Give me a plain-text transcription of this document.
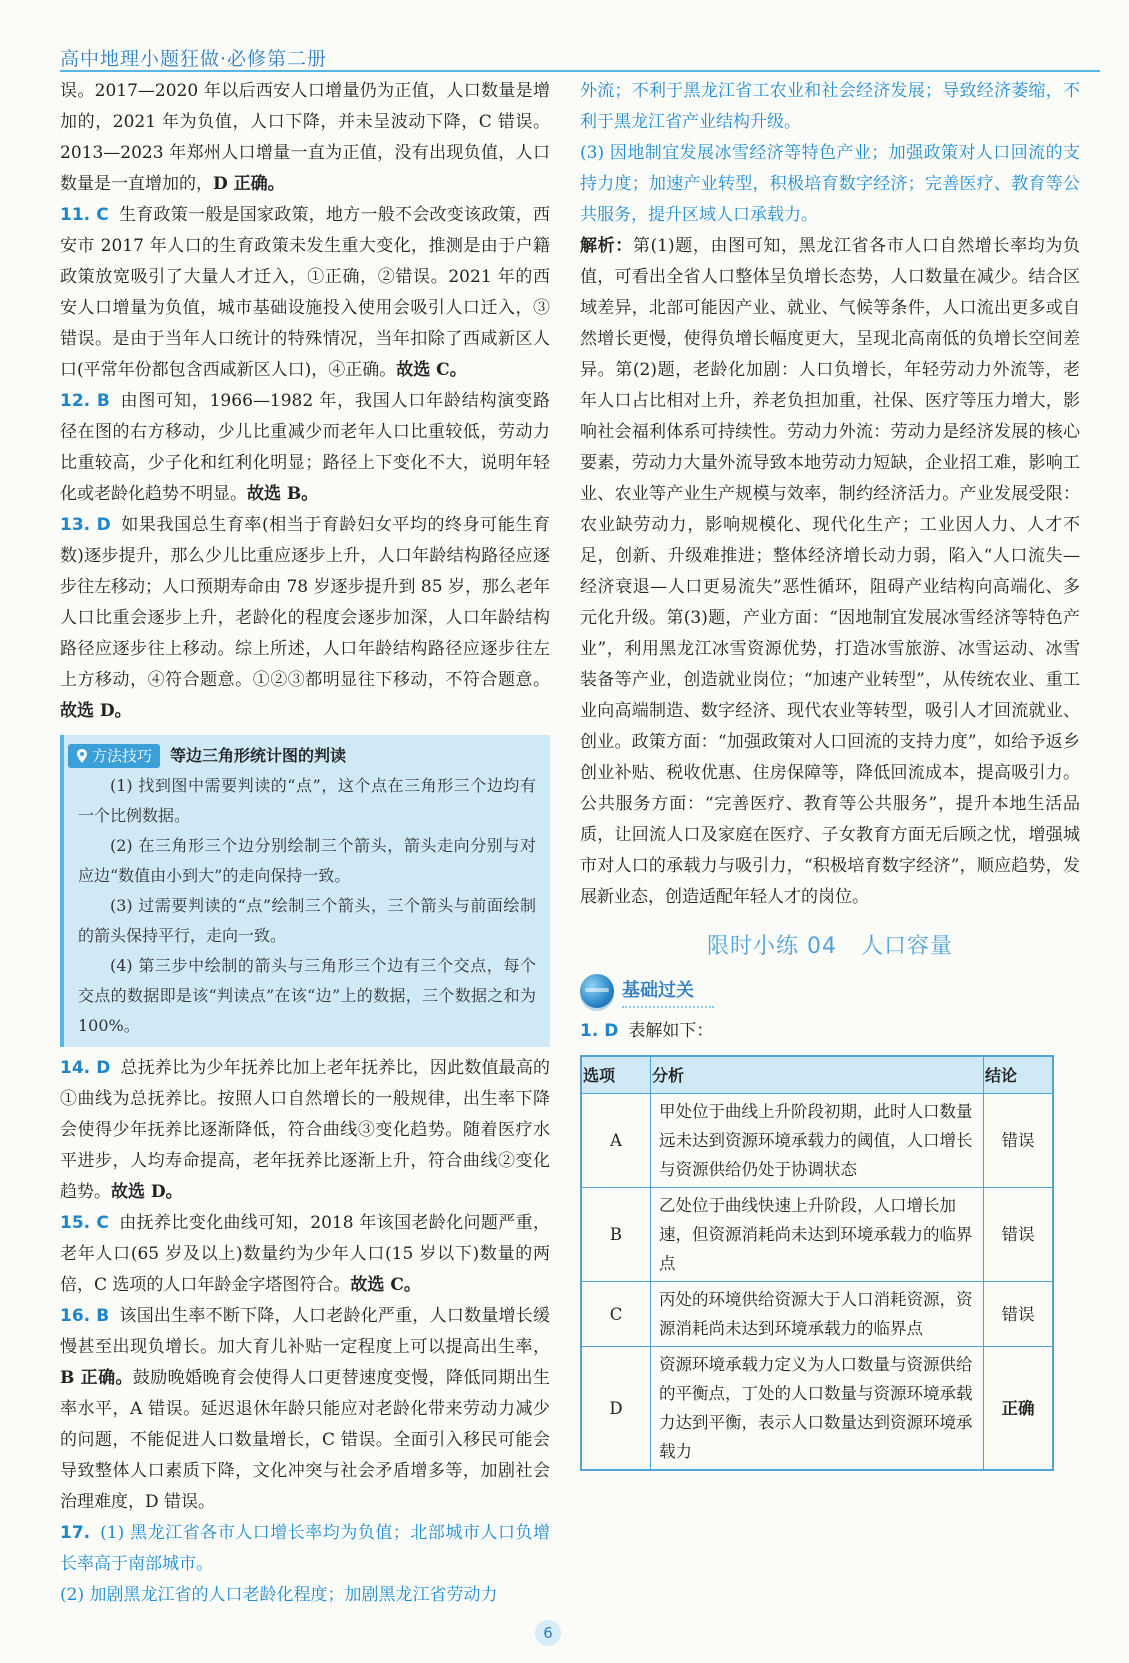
高中地理小题狂做·必修第二册

误。2017—2020 年以后西安人口增量仍为正值，人口数量是增加的，2021 年为负值，人口下降，并未呈波动下降，C 错误。2013—2023 年郑州人口增量一直为正值，没有出现负值，人口数量是一直增加的，D 正确。

11. C 生育政策一般是国家政策，地方一般不会改变该政策，西安市 2017 年人口的生育政策未发生重大变化，推测是由于户籍政策放宽吸引了大量人才迁入，①正确，②错误。2021 年的西安人口增量为负值，城市基础设施投入使用会吸引人口迁入，③错误。是由于当年人口统计的特殊情况，当年扣除了西咸新区人口(平常年份都包含西咸新区人口)，④正确。故选 C。

12. B 由图可知，1966—1982 年，我国人口年龄结构演变路径在图的右方移动，少儿比重减少而老年人口比重较低，劳动力比重较高，少子化和红利化明显；路径上下变化不大，说明年轻化或老龄化趋势不明显。故选 B。

13. D 如果我国总生育率(相当于育龄妇女平均的终身可能生育数)逐步提升，那么少儿比重应逐步上升，人口年龄结构路径应逐步往左移动；人口预期寿命由 78 岁逐步提升到 85 岁，那么老年人口比重会逐步上升，老龄化的程度会逐步加深，人口年龄结构路径应逐步往上移动。综上所述，人口年龄结构路径应逐步往左上方移动，④符合题意。①②③都明显往下移动，不符合题意。故选 D。

方法技巧 等边三角形统计图的判读

(1) 找到图中需要判读的“点”，这个点在三角形三个边均有一个比例数据。

(2) 在三角形三个边分别绘制三个箭头，箭头走向分别与对应边“数值由小到大”的走向保持一致。

(3) 过需要判读的“点”绘制三个箭头，三个箭头与前面绘制的箭头保持平行，走向一致。

(4) 第三步中绘制的箭头与三角形三个边有三个交点，每个交点的数据即是该“判读点”在该“边”上的数据，三个数据之和为 100%。

14. D 总抚养比为少年抚养比加上老年抚养比，因此数值最高的①曲线为总抚养比。按照人口自然增长的一般规律，出生率下降会使得少年抚养比逐渐降低，符合曲线③变化趋势。随着医疗水平进步，人均寿命提高，老年抚养比逐渐上升，符合曲线②变化趋势。故选 D。

15. C 由抚养比变化曲线可知，2018 年该国老龄化问题严重，老年人口(65 岁及以上)数量约为少年人口(15 岁以下)数量的两倍，C 选项的人口年龄金字塔图符合。故选 C。

16. B 该国出生率不断下降，人口老龄化严重，人口数量增长缓慢甚至出现负增长。加大育儿补贴一定程度上可以提高出生率，B 正确。鼓励晚婚晚育会使得人口更替速度变慢，降低同期出生率水平，A 错误。延迟退休年龄只能应对老龄化带来劳动力减少的问题，不能促进人口数量增长，C 错误。全面引入移民可能会导致整体人口素质下降，文化冲突与社会矛盾增多等，加剧社会治理难度，D 错误。

17. (1) 黑龙江省各市人口增长率均为负值；北部城市人口负增长率高于南部城市。

(2) 加剧黑龙江省的人口老龄化程度；加剧黑龙江省劳动力

外流；不利于黑龙江省工农业和社会经济发展；导致经济萎缩，不利于黑龙江省产业结构升级。

(3) 因地制宜发展冰雪经济等特色产业；加强政策对人口回流的支持力度；加速产业转型，积极培育数字经济；完善医疗、教育等公共服务，提升区域人口承载力。

解析：第(1)题，由图可知，黑龙江省各市人口自然增长率均为负值，可看出全省人口整体呈负增长态势，人口数量在减少。结合区域差异，北部可能因产业、就业、气候等条件，人口流出更多或自然增长更慢，使得负增长幅度更大，呈现北高南低的负增长空间差异。第(2)题，老龄化加剧：人口负增长，年轻劳动力外流等，老年人口占比相对上升，养老负担加重，社保、医疗等压力增大，影响社会福利体系可持续性。劳动力外流：劳动力是经济发展的核心要素，劳动力大量外流导致本地劳动力短缺，企业招工难，影响工业、农业等产业生产规模与效率，制约经济活力。产业发展受限：农业缺劳动力，影响规模化、现代化生产；工业因人力、人才不足，创新、升级难推进；整体经济增长动力弱，陷入“人口流失—经济衰退—人口更易流失”恶性循环，阻碍产业结构向高端化、多元化升级。第(3)题，产业方面：“因地制宜发展冰雪经济等特色产业”，利用黑龙江冰雪资源优势，打造冰雪旅游、冰雪运动、冰雪装备等产业，创造就业岗位；“加速产业转型”，从传统农业、重工业向高端制造、数字经济、现代农业等转型，吸引人才回流就业、创业。政策方面：“加强政策对人口回流的支持力度”，如给予返乡创业补贴、税收优惠、住房保障等，降低回流成本，提高吸引力。公共服务方面：“完善医疗、教育等公共服务”，提升本地生活品质，让回流人口及家庭在医疗、子女教育方面无后顾之忧，增强城市对人口的承载力与吸引力，“积极培育数字经济”，顺应趋势，发展新业态，创造适配年轻人才的岗位。

限时小练 04 人口容量
基础过关

1. D 表解如下：

选项	分析	结论
A	甲处位于曲线上升阶段初期，此时人口数量远未达到资源环境承载力的阈值，人口增长与资源供给仍处于协调状态	错误
B	乙处位于曲线快速上升阶段，人口增长加速，但资源消耗尚未达到环境承载力的临界点	错误
C	丙处的环境供给资源大于人口消耗资源，资源消耗尚未达到环境承载力的临界点	错误
D	资源环境承载力定义为人口数量与资源供给的平衡点，丁处的人口数量与资源环境承载力达到平衡，表示人口数量达到资源环境承载力	正确
6
